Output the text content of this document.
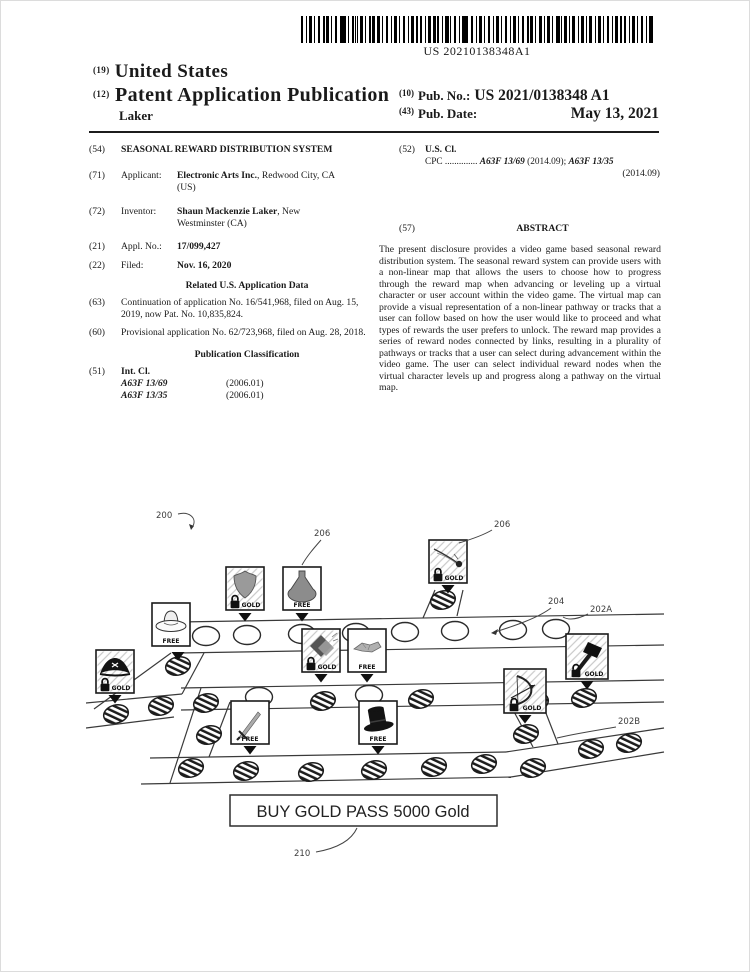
US 20210138348A1
$^{(19)}$ United States
$^{(12)}$ Patent Application Publication
Laker
$^{(10)}$ Pub. No.: US 2021/0138348 A1
$^{(43)}$ Pub. Date:	May 13, 2021
(54)	SEASONAL REWARD DISTRIBUTION SYSTEM
(71)	Applicant:	Electronic Arts Inc., Redwood City, CA (US)
(72)	Inventor:	Shaun Mackenzie Laker, New Westminster (CA)
(21)	Appl. No.:	17/099,427
(22)	Filed:	Nov. 16, 2020
Related U.S. Application Data
(63)	Continuation of application No. 16/541,968, filed on Aug. 15, 2019, now Pat. No. 10,835,824.
(60)	Provisional application No. 62/723,968, filed on Aug. 28, 2018.
Publication Classification
(51)	Int. Cl.
A63F 13/69	(2006.01)
A63F 13/35	(2006.01)
(52)	U.S. Cl.
CPC .............. A63F 13/69 (2014.09); A63F 13/35
(2014.09)
(57)	ABSTRACT
The present disclosure provides a video game based seasonal reward distribution system. The seasonal reward system can provide users with a non-linear map that allows the users to choose how to progress through the reward map when advancing or leveling up a virtual character or user account within the video game. The virtual map can provide a visual representation of a non-linear pathway or tracks that a user can follow based on how the user would like to proceed and what types of rewards the user prefers to unlock. The reward map provides a series of reward nodes connected by links, resulting in a plurality of pathways or tracks that a user can select during advancement within the video game. The user can select individual reward nodes when the virtual character levels up and progress along a pathway on the virtual map.
GOLD	FREE
FREE
GOLD
GOLD
GOLD	FREE
GOLD
GOLD
FREE	FREE
200
206
206
204
202A
202B
210
BUY GOLD PASS 5000 Gold
